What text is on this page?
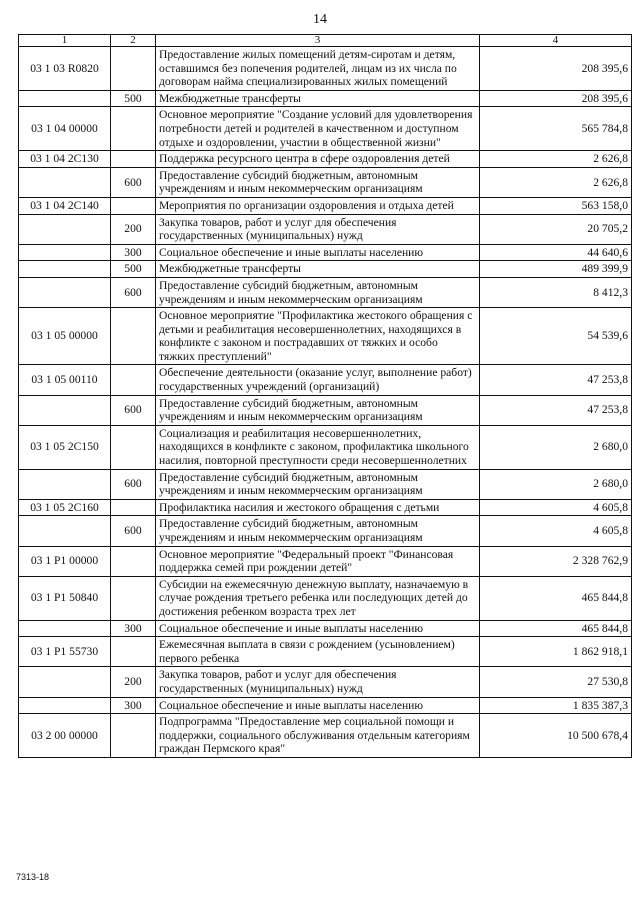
14
1	2	3	4
03 1 03 R0820		Предоставление жилых помещений детям-сиротам и детям, оставшимся без попечения родителей, лицам из их числа по договорам найма специализированных жилых помещений	208 395,6
	500	Межбюджетные трансферты	208 395,6
03 1 04 00000		Основное мероприятие "Создание условий для удовлетворения потребности детей и родителей в качественном и доступном отдыхе и оздоровлении, участии в общественной жизни"	565 784,8
03 1 04 2С130		Поддержка ресурсного центра в сфере оздоровления детей	2 626,8
	600	Предоставление субсидий бюджетным, автономным учреждениям и иным некоммерческим организациям	2 626,8
03 1 04 2С140		Мероприятия по организации оздоровления и отдыха детей	563 158,0
	200	Закупка товаров, работ и услуг для обеспечения государственных (муниципальных) нужд	20 705,2
	300	Социальное обеспечение и иные выплаты населению	44 640,6
	500	Межбюджетные трансферты	489 399,9
	600	Предоставление субсидий бюджетным, автономным учреждениям и иным некоммерческим организациям	8 412,3
03 1 05 00000		Основное мероприятие "Профилактика жестокого обращения с детьми и реабилитация несовершеннолетних, находящихся в конфликте с законом и пострадавших от тяжких и особо тяжких преступлений"	54 539,6
03 1 05 00110		Обеспечение деятельности (оказание услуг, выполнение работ) государственных учреждений (организаций)	47 253,8
	600	Предоставление субсидий бюджетным, автономным учреждениям и иным некоммерческим организациям	47 253,8
03 1 05 2С150		Социализация и реабилитация несовершеннолетних, находящихся в конфликте с законом, профилактика школьного насилия, повторной преступности среди несовершеннолетних	2 680,0
	600	Предоставление субсидий бюджетным, автономным учреждениям и иным некоммерческим организациям	2 680,0
03 1 05 2С160		Профилактика насилия и жестокого обращения с детьми	4 605,8
	600	Предоставление субсидий бюджетным, автономным учреждениям и иным некоммерческим организациям	4 605,8
03 1 Р1 00000		Основное мероприятие "Федеральный проект "Финансовая поддержка семей при рождении детей"	2 328 762,9
03 1 Р1 50840		Субсидии на ежемесячную денежную выплату, назначаемую в случае рождения третьего ребенка или последующих детей до достижения ребенком возраста трех лет	465 844,8
	300	Социальное обеспечение и иные выплаты населению	465 844,8
03 1 Р1 55730		Ежемесячная выплата в связи с рождением (усыновлением) первого ребенка	1 862 918,1
	200	Закупка товаров, работ и услуг для обеспечения государственных (муниципальных) нужд	27 530,8
	300	Социальное обеспечение и иные выплаты населению	1 835 387,3
03 2 00 00000		Подпрограмма "Предоставление мер социальной помощи и поддержки, социального обслуживания отдельным категориям граждан Пермского края"	10 500 678,4
7313-18
